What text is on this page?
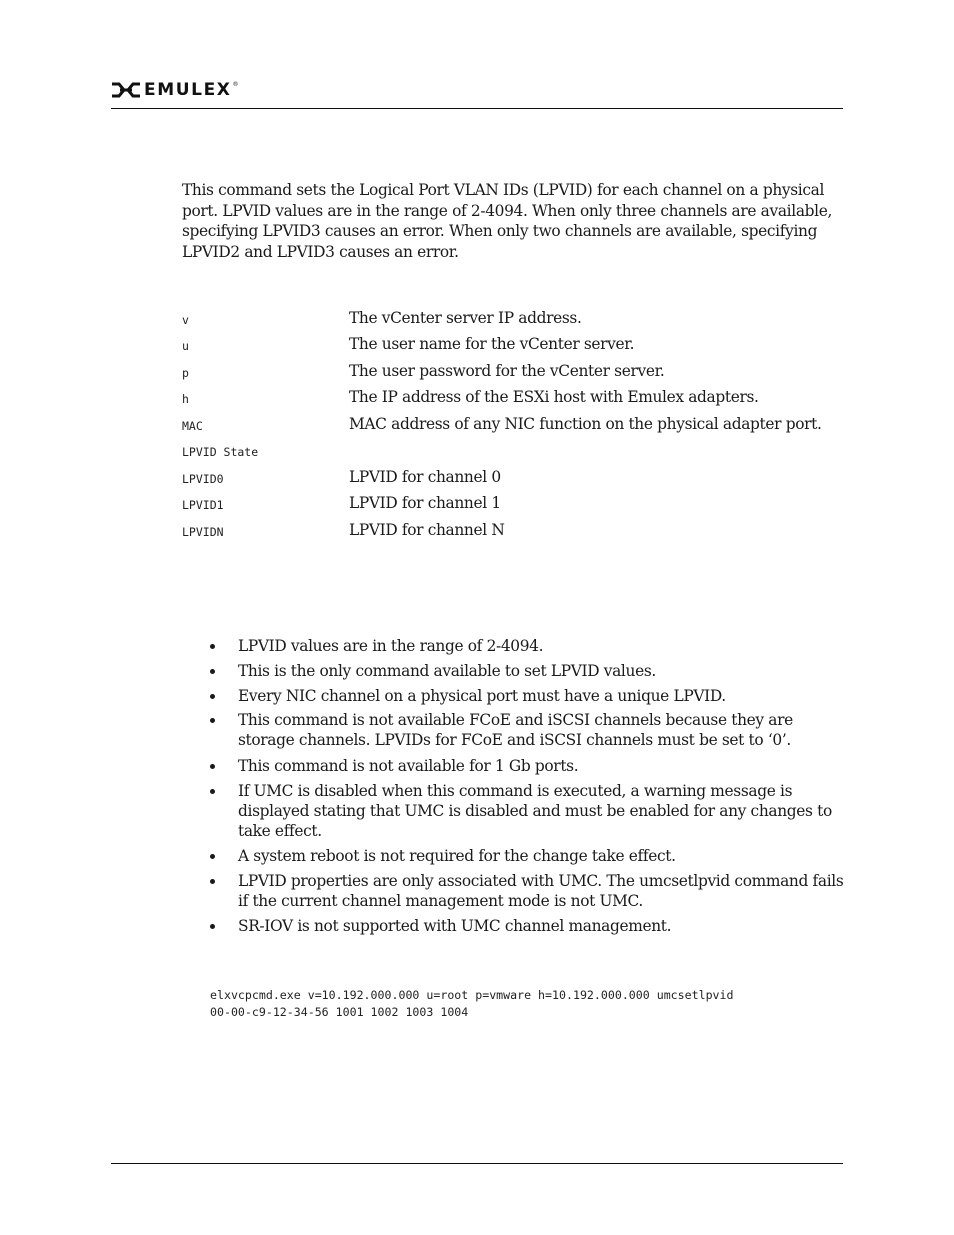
EMULEX ®

This command sets the Logical Port VLAN IDs (LPVID) for each channel on a physical port. LPVID values are in the range of 2-4094. When only three channels are available, specifying LPVID3 causes an error. When only two channels are available, specifying LPVID2 and LPVID3 causes an error.

v	The vCenter server IP address.
u	The user name for the vCenter server.
p	The user password for the vCenter server.
h	The IP address of the ESXi host with Emulex adapters.
MAC	MAC address of any NIC function on the physical adapter port.
LPVID State
LPVID0	LPVID for channel 0
LPVID1	LPVID for channel 1
LPVIDN	LPVID for channel N
LPVID values are in the range of 2-4094.
This is the only command available to set LPVID values.
Every NIC channel on a physical port must have a unique LPVID.
This command is not available FCoE and iSCSI channels because they are storage channels. LPVIDs for FCoE and iSCSI channels must be set to ‘0’.
This command is not available for 1 Gb ports.
If UMC is disabled when this command is executed, a warning message is displayed stating that UMC is disabled and must be enabled for any changes to take effect.
A system reboot is not required for the change take effect.
LPVID properties are only associated with UMC. The umcsetlpvid command fails if the current channel management mode is not UMC.
SR-IOV is not supported with UMC channel management.
elxvcpcmd.exe v=10.192.000.000 u=root p=vmware h=10.192.000.000 umcsetlpvid
00-00-c9-12-34-56 1001 1002 1003 1004
